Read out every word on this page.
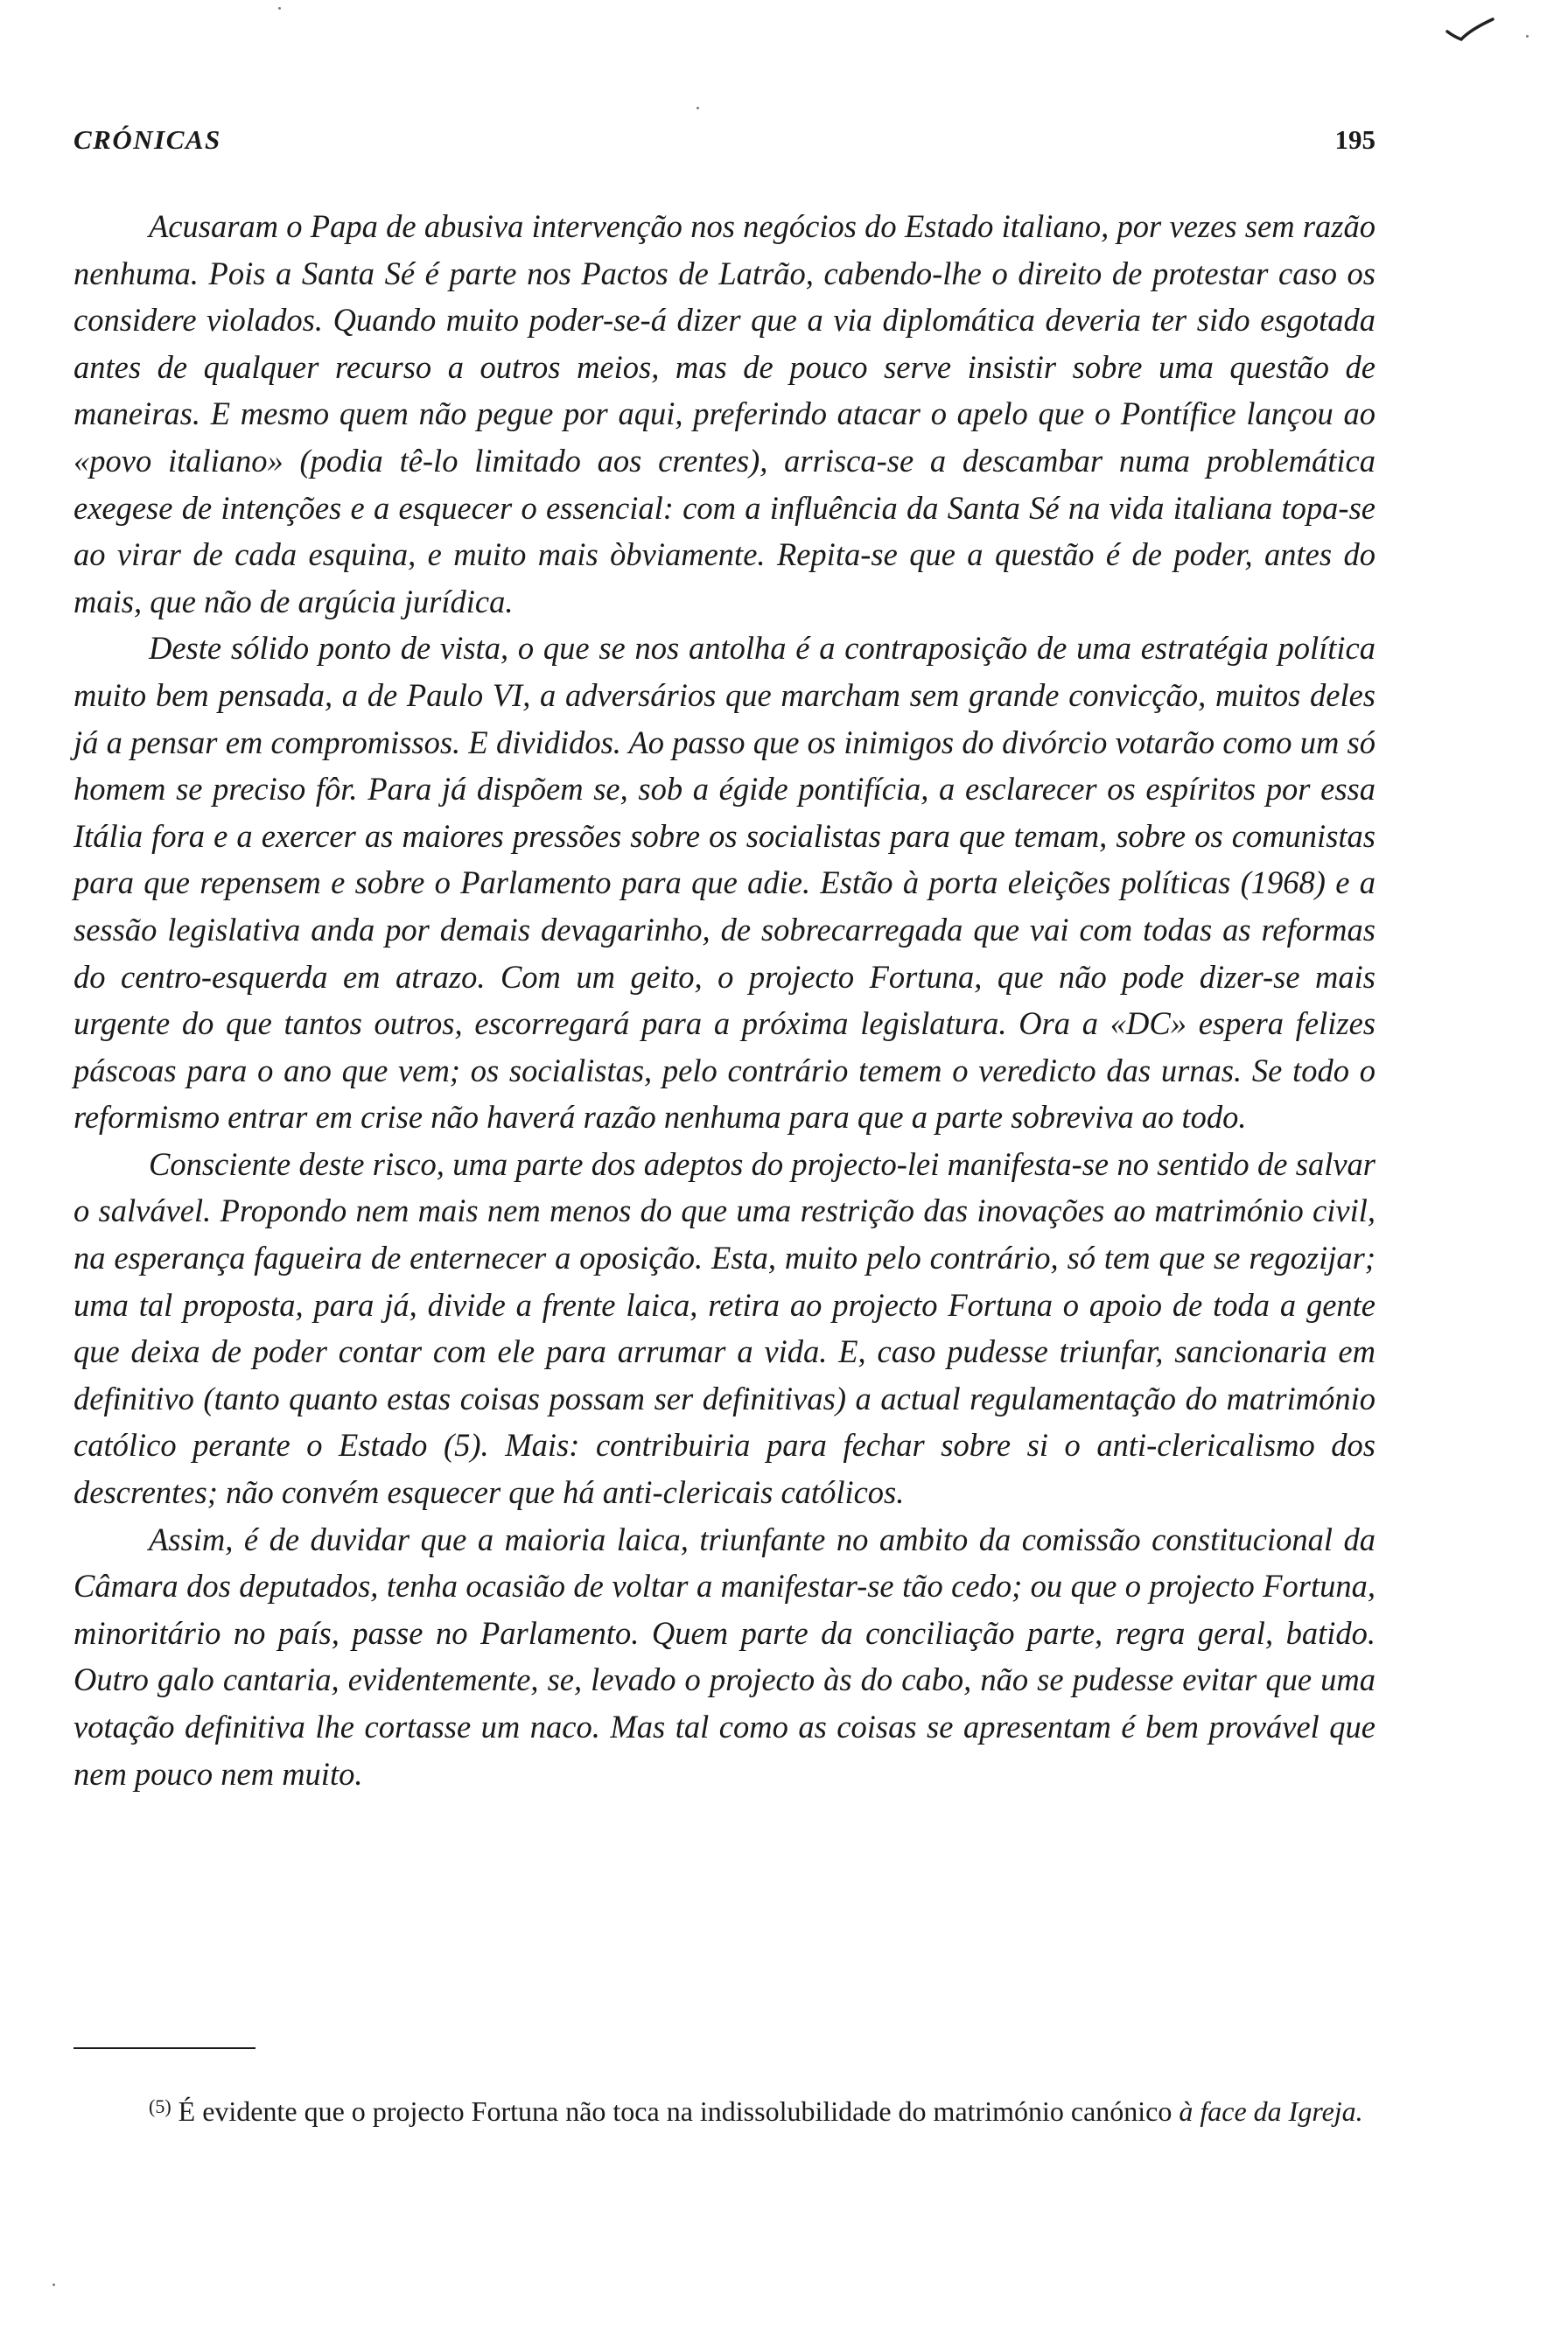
CRÓNICAS	195

Acusaram o Papa de abusiva intervenção nos negócios do Estado italiano, por vezes sem razão nenhuma. Pois a Santa Sé é parte nos Pactos de Latrão, cabendo-lhe o direito de protestar caso os considere violados. Quando muito poder-se-á dizer que a via diplomática deveria ter sido esgotada antes de qualquer recurso a outros meios, mas de pouco serve insistir sobre uma questão de maneiras. E mesmo quem não pegue por aqui, preferindo atacar o apelo que o Pontífice lançou ao «povo italiano» (podia tê-lo limitado aos crentes), arrisca-se a descambar numa problemática exegese de intenções e a esquecer o essencial: com a influência da Santa Sé na vida italiana topa-se ao virar de cada esquina, e muito mais òbviamente. Repita-se que a questão é de poder, antes do mais, que não de argúcia jurídica.

Deste sólido ponto de vista, o que se nos antolha é a contraposição de uma estratégia política muito bem pensada, a de Paulo VI, a adversários que marcham sem grande convicção, muitos deles já a pensar em compromissos. E divididos. Ao passo que os inimigos do divórcio votarão como um só homem se preciso fôr. Para já dispõem se, sob a égide pontifícia, a esclarecer os espíritos por essa Itália fora e a exercer as maiores pressões sobre os socialistas para que temam, sobre os comunistas para que repensem e sobre o Parlamento para que adie. Estão à porta eleições políticas (1968) e a sessão legislativa anda por demais devagarinho, de sobrecarregada que vai com todas as reformas do centro-esquerda em atrazo. Com um geito, o projecto Fortuna, que não pode dizer-se mais urgente do que tantos outros, escorregará para a próxima legislatura. Ora a «DC» espera felizes páscoas para o ano que vem; os socialistas, pelo contrário temem o veredicto das urnas. Se todo o reformismo entrar em crise não haverá razão nenhuma para que a parte sobreviva ao todo.

Consciente deste risco, uma parte dos adeptos do projecto-lei manifesta-se no sentido de salvar o salvável. Propondo nem mais nem menos do que uma restrição das inovações ao matrimónio civil, na esperança fagueira de enternecer a oposição. Esta, muito pelo contrário, só tem que se regozijar; uma tal proposta, para já, divide a frente laica, retira ao projecto Fortuna o apoio de toda a gente que deixa de poder contar com ele para arrumar a vida. E, caso pudesse triunfar, sancionaria em definitivo (tanto quanto estas coisas possam ser definitivas) a actual regulamentação do matrimónio católico perante o Estado (5). Mais: contribuiria para fechar sobre si o anti-clericalismo dos descrentes; não convém esquecer que há anti-clericais católicos.

Assim, é de duvidar que a maioria laica, triunfante no ambito da comissão constitucional da Câmara dos deputados, tenha ocasião de voltar a manifestar-se tão cedo; ou que o projecto Fortuna, minoritário no país, passe no Parlamento. Quem parte da conciliação parte, regra geral, batido. Outro galo cantaria, evidentemente, se, levado o projecto às do cabo, não se pudesse evitar que uma votação definitiva lhe cortasse um naco. Mas tal como as coisas se apresentam é bem provável que nem pouco nem muito.

$^{(5)}$ É evidente que o projecto Fortuna não toca na indissolubilidade do matrimónio canónico à face da Igreja.
